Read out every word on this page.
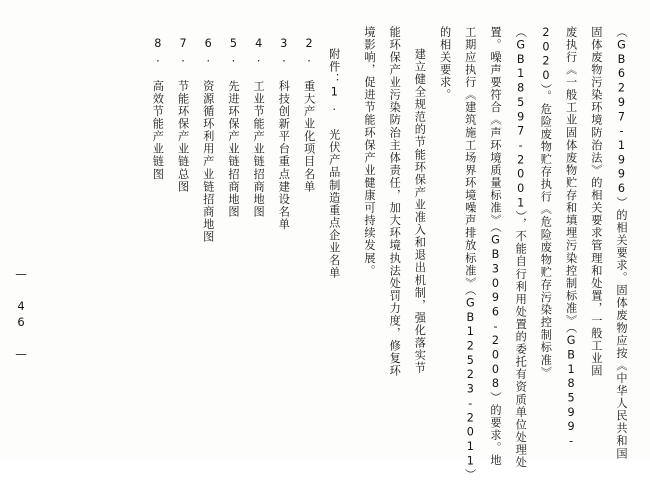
（GB6297-1996）的相关要求。固体废物应按《中华人民共和国
固体废物污染环境防治法》的相关要求管理和处置，一般工业固
废执行《一般工业固体废物贮存和填埋污染控制标准》（GB18599-
2020）。危险废物贮存执行《危险废物贮存污染控制标准》
（GB18597-2001），不能自行利用处置的委托有资质单位处理处
置。噪声要符合《声环境质量标准》（GB3096-2008）的要求。地
工期应执行《建筑施工场界环境噪声排放标准》（GB12523-2011）
的相关要求。
建立健全规范的节能环保产业准入和退出机制，强化落实节
能环保产业污染防治主体责任，加大环境执法处罚力度，修复环
境影响，促进节能环保产业健康可持续发展。
附件：1. 光伏产品制造重点企业名单
2. 重大产业化项目名单
3. 科技创新平台重点建设名单
4. 工业节能产业链招商地图
5. 先进环保产业链招商地图
6. 资源循环利用产业链招商地图
7. 节能环保产业链总图
8. 高效节能产业链图
— 46 —
